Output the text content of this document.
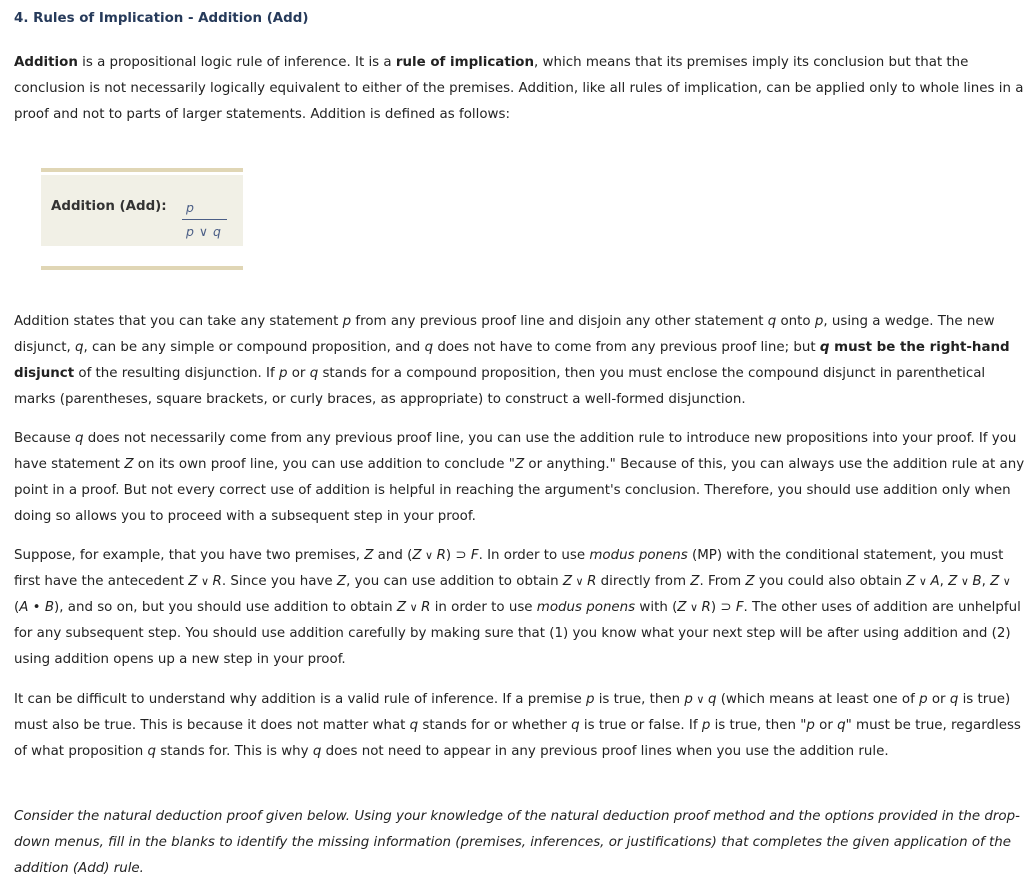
4. Rules of Implication - Addition (Add)

Addition is a propositional logic rule of inference. It is a rule of implication, which means that its premises imply its conclusion but that the
conclusion is not necessarily logically equivalent to either of the premises. Addition, like all rules of implication, can be applied only to whole lines in a
proof and not to parts of larger statements. Addition is defined as follows:

Addition (Add): p
p ∨ q

Addition states that you can take any statement p from any previous proof line and disjoin any other statement q onto p, using a wedge. The new
disjunct, q, can be any simple or compound proposition, and q does not have to come from any previous proof line; but q must be the right-hand
disjunct of the resulting disjunction. If p or q stands for a compound proposition, then you must enclose the compound disjunct in parenthetical
marks (parentheses, square brackets, or curly braces, as appropriate) to construct a well-formed disjunction.

Because q does not necessarily come from any previous proof line, you can use the addition rule to introduce new propositions into your proof. If you
have statement Z on its own proof line, you can use addition to conclude "Z or anything." Because of this, you can always use the addition rule at any
point in a proof. But not every correct use of addition is helpful in reaching the argument's conclusion. Therefore, you should use addition only when
doing so allows you to proceed with a subsequent step in your proof.

Suppose, for example, that you have two premises, Z and (Z ∨ R) ⊃ F. In order to use modus ponens (MP) with the conditional statement, you must
first have the antecedent Z ∨ R. Since you have Z, you can use addition to obtain Z ∨ R directly from Z. From Z you could also obtain Z ∨ A, Z ∨ B, Z ∨
(A • B), and so on, but you should use addition to obtain Z ∨ R in order to use modus ponens with (Z ∨ R) ⊃ F. The other uses of addition are unhelpful
for any subsequent step. You should use addition carefully by making sure that (1) you know what your next step will be after using addition and (2)
using addition opens up a new step in your proof.

It can be difficult to understand why addition is a valid rule of inference. If a premise p is true, then p ∨ q (which means at least one of p or q is true)
must also be true. This is because it does not matter what q stands for or whether q is true or false. If p is true, then "p or q" must be true, regardless
of what proposition q stands for. This is why q does not need to appear in any previous proof lines when you use the addition rule.

Consider the natural deduction proof given below. Using your knowledge of the natural deduction proof method and the options provided in the drop-
down menus, fill in the blanks to identify the missing information (premises, inferences, or justifications) that completes the given application of the
addition (Add) rule.
